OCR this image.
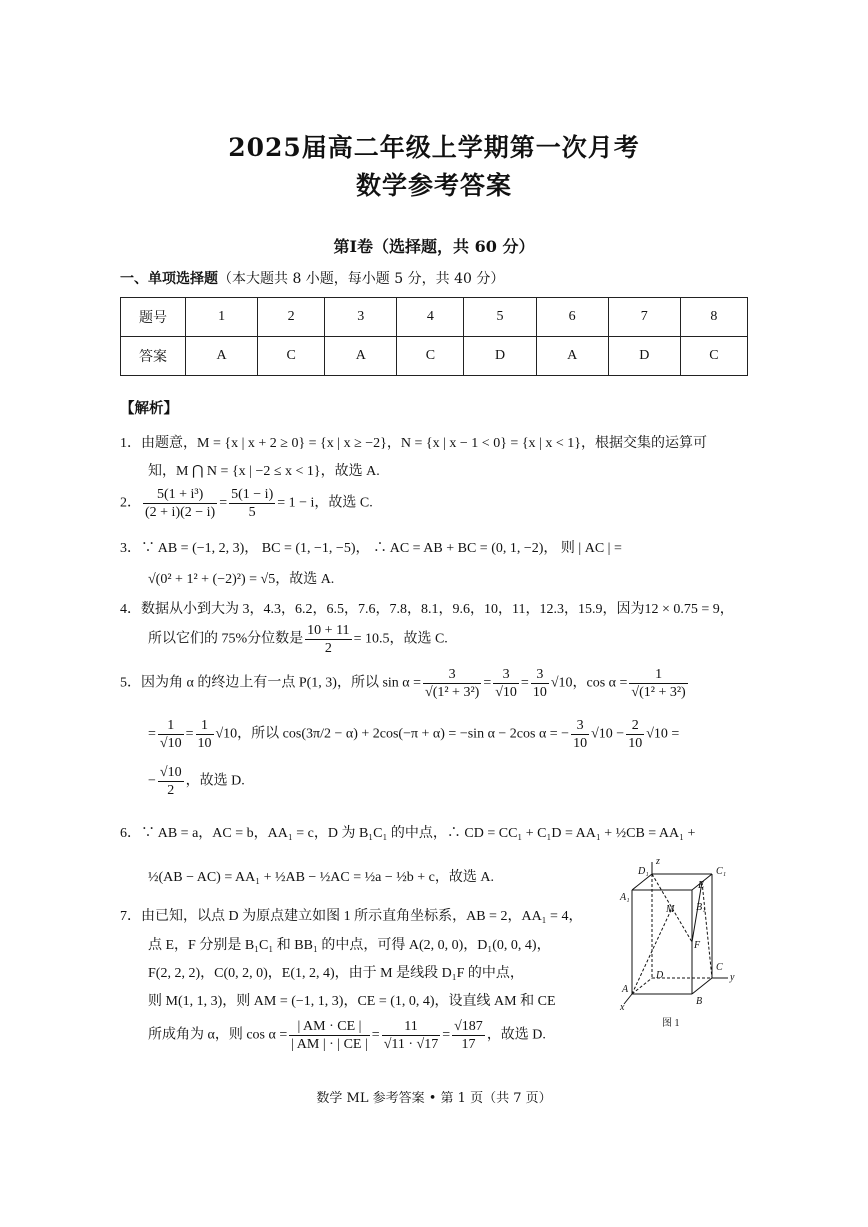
2025届高二年级上学期第一次月考
数学参考答案
第Ⅰ卷（选择题，共 60 分）
一、单项选择题（本大题共 8 小题，每小题 5 分，共 40 分）
题号	1	2	3	4	5	6	7	8
答案	A	C	A	C	D	A	D	C
【解析】
1．由题意，M = {x | x + 2 ≥ 0} = {x | x ≥ −2}，N = {x | x − 1 < 0} = {x | x < 1}，根据交集的运算可
知，M ⋂ N = {x | −2 ≤ x < 1}，故选 A.
2． $\frac{\text{5(1 + i³)}}{(2 + i)(2 - i)} = \frac{5(1 - i)}{5} = 1 - i$，故选 C.
3．∵ AB = (−1, 2, 3)， BC = (1, −1, −5)， ∴ AC = AB + BC = (0, 1, −2)， 则 | AC | =
√(0² + 1² + (−2)²) = √5，故选 A.
4．数据从小到大为 3，4.3，6.2，6.5，7.6，7.8，8.1，9.6，10，11，12.3，15.9，因为12 × 0.75 = 9，
所以它们的 75%分位数是 $\frac{10 + 11}{2} = 10.5$，故选 C.
5．因为角 α 的终边上有一点 P(1, 3)，所以 $\sin \alpha = \frac{3}{\text{√(1² + 3²)}} = \frac{3}{√10} = \frac{3}{10} √10$，$\cos \alpha = \frac{1}{\text{√(1² + 3²)}}$
= $\frac{1}{√10} = \frac{1}{10} √10$，所以 cos(3π/2 − α) + 2cos(−π + α) = −sin α − 2cos α = − $\frac{3}{10} √10 - \frac{2}{10} √10$ =
− $\frac{√10}{2}$ ，故选 D.
6．∵ AB = a，AC = b，AA₁ = c，D 为 B₁C₁ 的中点，∴ CD = CC₁ + C₁D = AA₁ + ½CB = AA₁ +
½(AB − AC) = AA₁ + ½AB − ½AC = ½a − ½b + c，故选 A.
7．由已知，以点 D 为原点建立如图 1 所示直角坐标系，AB = 2，AA₁ = 4，
点 E，F 分别是 B₁C₁ 和 BB₁ 的中点，可得 A(2, 0, 0)，D₁(0, 0, 4)，
F(2, 2, 2)，C(0, 2, 0)，E(1, 2, 4)，由于 M 是线段 D₁F 的中点，
则 M(1, 1, 3)，则 AM = (−1, 1, 3)，CE = (1, 0, 4)，设直线 AM 和 CE
所成角为 α，则 $\cos \alpha = \frac{| AM \cdot CE |}{| AM | \cdot | CE |} = \frac{11}{√11 \cdot √17} = \frac{√187}{17}$ ，故选 D.
D₁
z
C₁
E
A₁
M B₁
F
C
y
A
D
B
x
图 1
数学 ML 参考答案 • 第 1 页（共 7 页）
